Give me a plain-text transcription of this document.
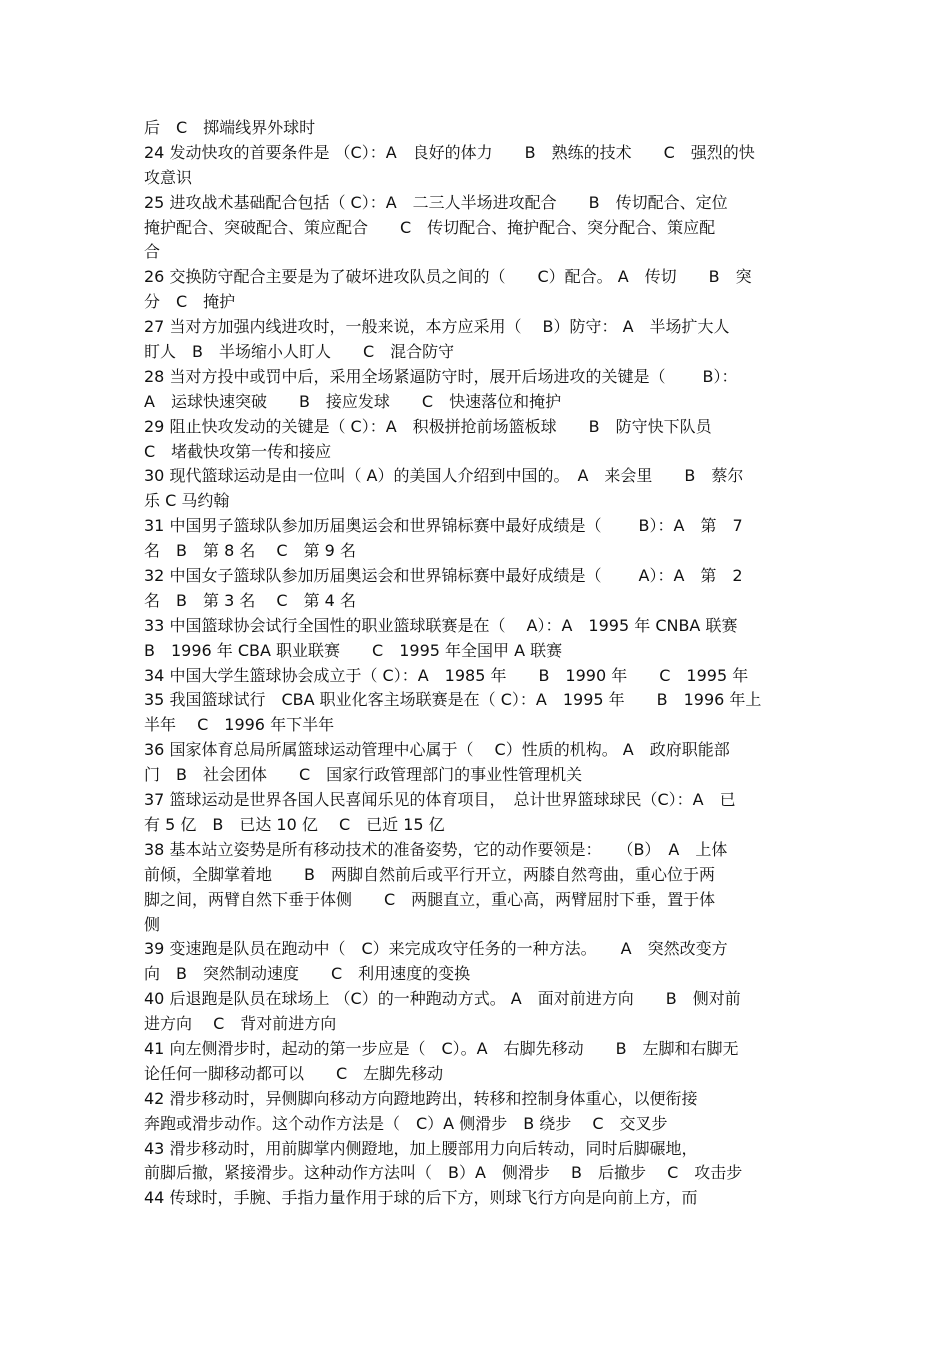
后　C　掷端线界外球时
24 发动快攻的首要条件是 （C）：A　良好的体力　　B　熟练的技术　　C　强烈的快
攻意识
25 进攻战术基础配合包括（ C）：A　二三人半场进攻配合　　B　传切配合、定位
掩护配合、突破配合、策应配合　　C　传切配合、掩护配合、突分配合、策应配
合
26 交换防守配合主要是为了破坏进攻队员之间的（　　C）配合。 A　传切　　B　突
分　C　掩护
27 当对方加强内线进攻时，一般来说，本方应采用（　 B）防守： A　半场扩大人
盯人　B　半场缩小人盯人　　C　混合防守
28 当对方投中或罚中后，采用全场紧逼防守时，展开后场进攻的关键是（　　 B）：
A　运球快速突破　　B　接应发球　　C　快速落位和掩护
29 阻止快攻发动的关键是（ C）：A　积极拼抢前场篮板球　　B　防守快下队员
C　堵截快攻第一传和接应
30 现代篮球运动是由一位叫（ A）的美国人介绍到中国的。　A　来会里　　B　蔡尔
乐 C 马约翰
31 中国男子篮球队参加历届奥运会和世界锦标赛中最好成绩是（　　 B）：A　第　7
名　B　第 8 名　 C　第 9 名
32 中国女子篮球队参加历届奥运会和世界锦标赛中最好成绩是（　　 A）：A　第　2
名　B　第 3 名　 C　第 4 名
33 中国篮球协会试行全国性的职业篮球联赛是在（　 A）：A　1995 年 CNBA 联赛
B　1996 年 CBA 职业联赛　　C　1995 年全国甲 A 联赛
34 中国大学生篮球协会成立于（ C）：A　1985 年　　B　1990 年　　C　1995 年
35 我国篮球试行　CBA 职业化客主场联赛是在（ C）：A　1995 年　　B　1996 年上
半年　 C　1996 年下半年
36 国家体育总局所属篮球运动管理中心属于（　 C）性质的机构。 A　政府职能部
门　B　社会团体　　C　国家行政管理部门的事业性管理机关
37 篮球运动是世界各国人民喜闻乐见的体育项目，　总计世界篮球球民（C）：A　已
有 5 亿　B　已达 10 亿　 C　已近 15 亿
38 基本站立姿势是所有移动技术的准备姿势，它的动作要领是：　　（B）　A　上体
前倾，全脚掌着地　　B　两脚自然前后或平行开立，两膝自然弯曲，重心位于两
脚之间，两臂自然下垂于体侧　　C　两腿直立，重心高，两臂屈肘下垂，置于体
侧
39 变速跑是队员在跑动中（　C）来完成攻守任务的一种方法。　　A　突然改变方
向　B　突然制动速度　　C　利用速度的变换
40 后退跑是队员在球场上 （C）的一种跑动方式。 A　面对前进方向　　B　侧对前
进方向　 C　背对前进方向
41 向左侧滑步时，起动的第一步应是（　C）。A　右脚先移动　　B　左脚和右脚无
论任何一脚移动都可以　　C　左脚先移动
42 滑步移动时，异侧脚向移动方向蹬地跨出，转移和控制身体重心，以便衔接
奔跑或滑步动作。这个动作方法是（　C）A 侧滑步　B 绕步　 C　交叉步
43 滑步移动时，用前脚掌内侧蹬地，加上腰部用力向后转动，同时后脚碾地，
前脚后撤，紧接滑步。这种动作方法叫（　B）A　侧滑步　 B　后撤步　 C　攻击步
44 传球时，手腕、手指力量作用于球的后下方，则球飞行方向是向前上方，而
